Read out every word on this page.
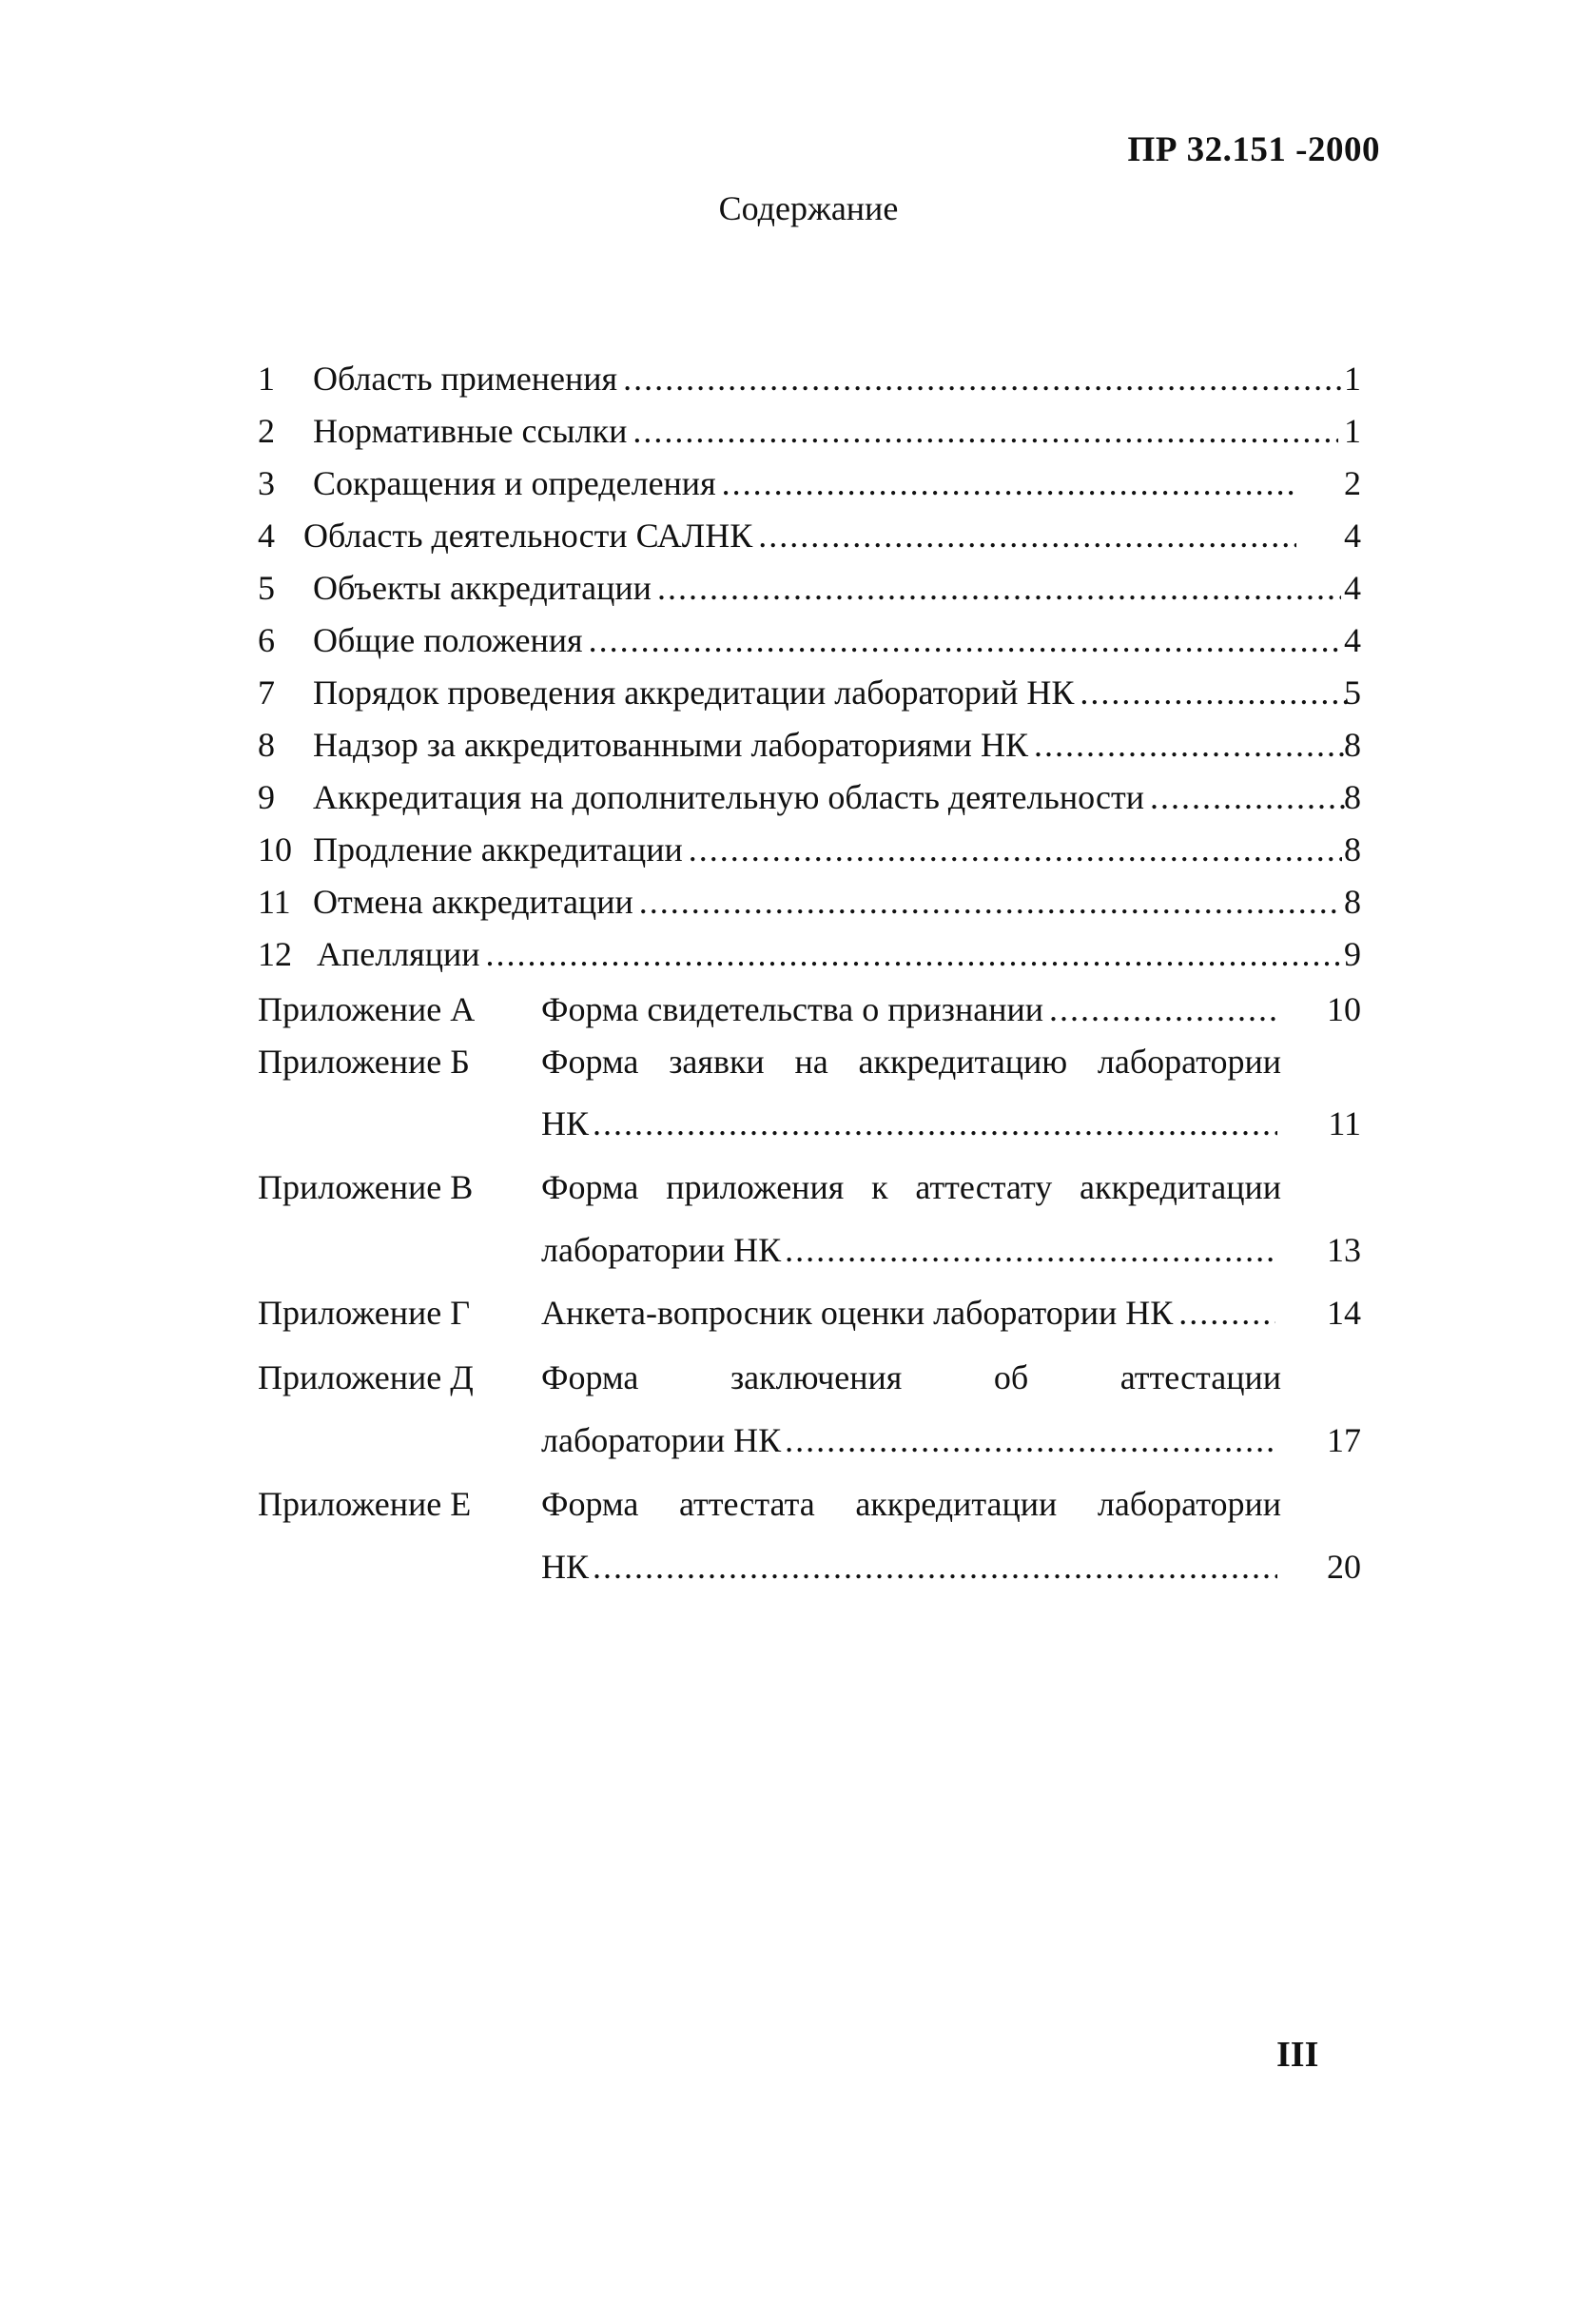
ПР 32.151 -2000
Содержание
1 Область применения .....	1
2 Нормативные ссылки .....	1
3 Сокращения и определения .....	2
4 Область деятельности САЛНК .....	4
5 Объекты аккредитации .....	4
6 Общие положения .....	4
7 Порядок проведения аккредитации лабораторий НК .....	5
8 Надзор за аккредитованными лабораториями НК .....	8
9 Аккредитация на дополнительную область деятельности .....	8
10 Продление аккредитации .....	8
11 Отмена аккредитации .....	8
12 Апелляции .....	9
Приложение А Форма свидетельства о признании .....	10
Приложение Б Форма заявки на аккредитацию лаборатории
НК .....	11
Приложение В Форма приложения к аттестату аккредитации
лаборатории НК .....	13
Приложение Г Анкета-вопросник оценки лаборатории НК .....	14
Приложение Д Форма заключения об аттестации
лаборатории НК .....	17
Приложение Е Форма аттестата аккредитации лаборатории
НК .....	20
III
